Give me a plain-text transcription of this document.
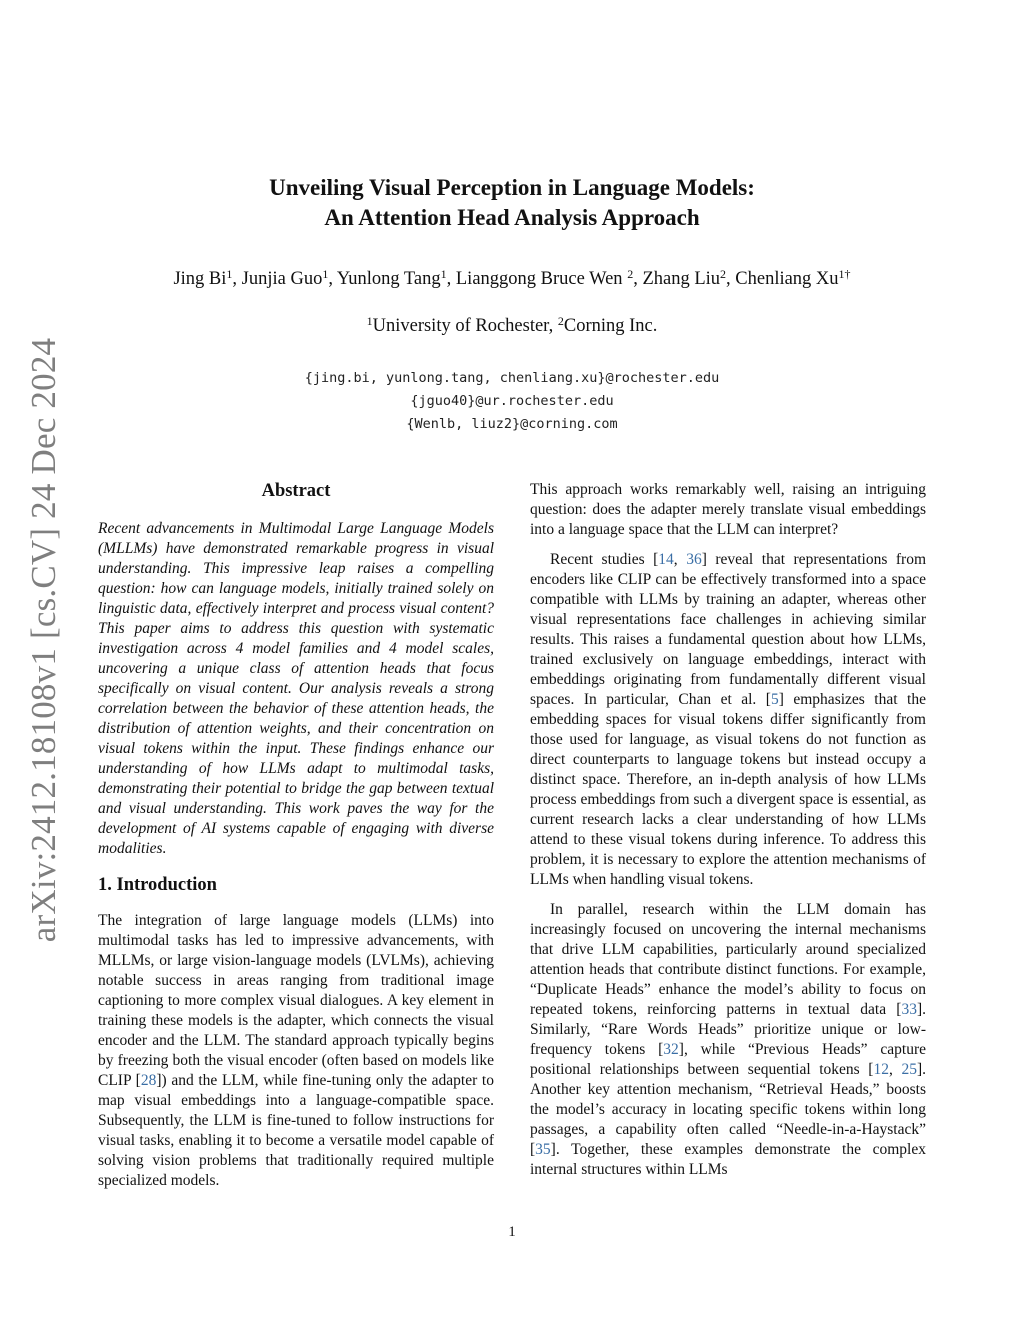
arXiv:2412.18108v1 [cs.CV] 24 Dec 2024
Unveiling Visual Perception in Language Models:
An Attention Head Analysis Approach
Jing Bi$^1$, Junjia Guo$^1$, Yunlong Tang$^1$, Lianggong Bruce Wen $^2$, Zhang Liu$^2$, Chenliang $Xu^{1\dagger}$
$^1$University of Rochester, $^2$Corning Inc.
{jing.bi, yunlong.tang, chenliang.xu}@rochester.edu
{jguo40}@ur.rochester.edu
{Wenlb, liuz2}@corning.com
Abstract

Recent advancements in Multimodal Large Language Models (MLLMs) have demonstrated remarkable progress in visual understanding. This impressive leap raises a compelling question: how can language models, initially trained solely on linguistic data, effectively interpret and process visual content? This paper aims to address this question with systematic investigation across 4 model families and 4 model scales, uncovering a unique class of attention heads that focus specifically on visual content. Our analysis reveals a strong correlation between the behavior of these attention heads, the distribution of attention weights, and their concentration on visual tokens within the input. These findings enhance our understanding of how LLMs adapt to multimodal tasks, demonstrating their potential to bridge the gap between textual and visual understanding. This work paves the way for the development of AI systems capable of engaging with diverse modalities.

1. Introduction

The integration of large language models (LLMs) into multimodal tasks has led to impressive advancements, with MLLMs, or large vision-language models (LVLMs), achieving notable success in areas ranging from traditional image captioning to more complex visual dialogues. A key element in training these models is the adapter, which connects the visual encoder and the LLM. The standard approach typically begins by freezing both the visual encoder (often based on models like CLIP [28]) and the LLM, while fine-tuning only the adapter to map visual embeddings into a language-compatible space. Subsequently, the LLM is fine-tuned to follow instructions for visual tasks, enabling it to become a versatile model capable of solving vision problems that traditionally required multiple specialized models.

This approach works remarkably well, raising an intriguing question: does the adapter merely translate visual embeddings into a language space that the LLM can interpret?

Recent studies [14, 36] reveal that representations from encoders like CLIP can be effectively transformed into a space compatible with LLMs by training an adapter, whereas other visual representations face challenges in achieving similar results. This raises a fundamental question about how LLMs, trained exclusively on language embeddings, interact with embeddings originating from fundamentally different visual spaces. In particular, Chan et al. [5] emphasizes that the embedding spaces for visual tokens differ significantly from those used for language, as visual tokens do not function as direct counterparts to language tokens but instead occupy a distinct space. Therefore, an in-depth analysis of how LLMs process embeddings from such a divergent space is essential, as current research lacks a clear understanding of how LLMs attend to these visual tokens during inference. To address this problem, it is necessary to explore the attention mechanisms of LLMs when handling visual tokens.

In parallel, research within the LLM domain has increasingly focused on uncovering the internal mechanisms that drive LLM capabilities, particularly around specialized attention heads that contribute distinct functions. For example, “Duplicate Heads” enhance the model’s ability to focus on repeated tokens, reinforcing patterns in textual data [33]. Similarly, “Rare Words Heads” prioritize unique or low-frequency tokens [32], while “Previous Heads” capture positional relationships between sequential tokens [12, 25]. Another key attention mechanism, “Retrieval Heads,” boosts the model’s accuracy in locating specific tokens within long passages, a capability often called “Needle-in-a-Haystack” [35]. Together, these examples demonstrate the complex internal structures within LLMs

1
